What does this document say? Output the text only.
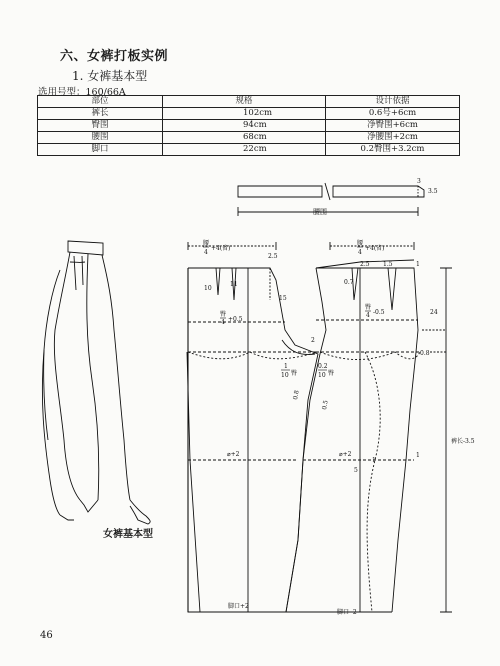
六、女裤打板实例
1. 女裤基本型
选用号型：160/66A
部位	规格	设计依据
裤长	102cm	0.6号+6cm
臀围	94cm	净臀围+6cm
腰围	68cm	净腰围+2cm
脚口	22cm	0.2臀围+3.2cm
腰围
3
3.5
腰
4
+4(省)
10
11
2.5
15
臀
4 +0.5
2
1
10 臀
⌀+2
脚口+2
腰
4
+4(省)
2.5 1.5	1
0.7
臀
4 -0.5	24
0.8
0.2
10 臀
0.8
0.5
⌀+2	1
5
1
裤长-3.5
脚口 -2
女裤基本型
46
